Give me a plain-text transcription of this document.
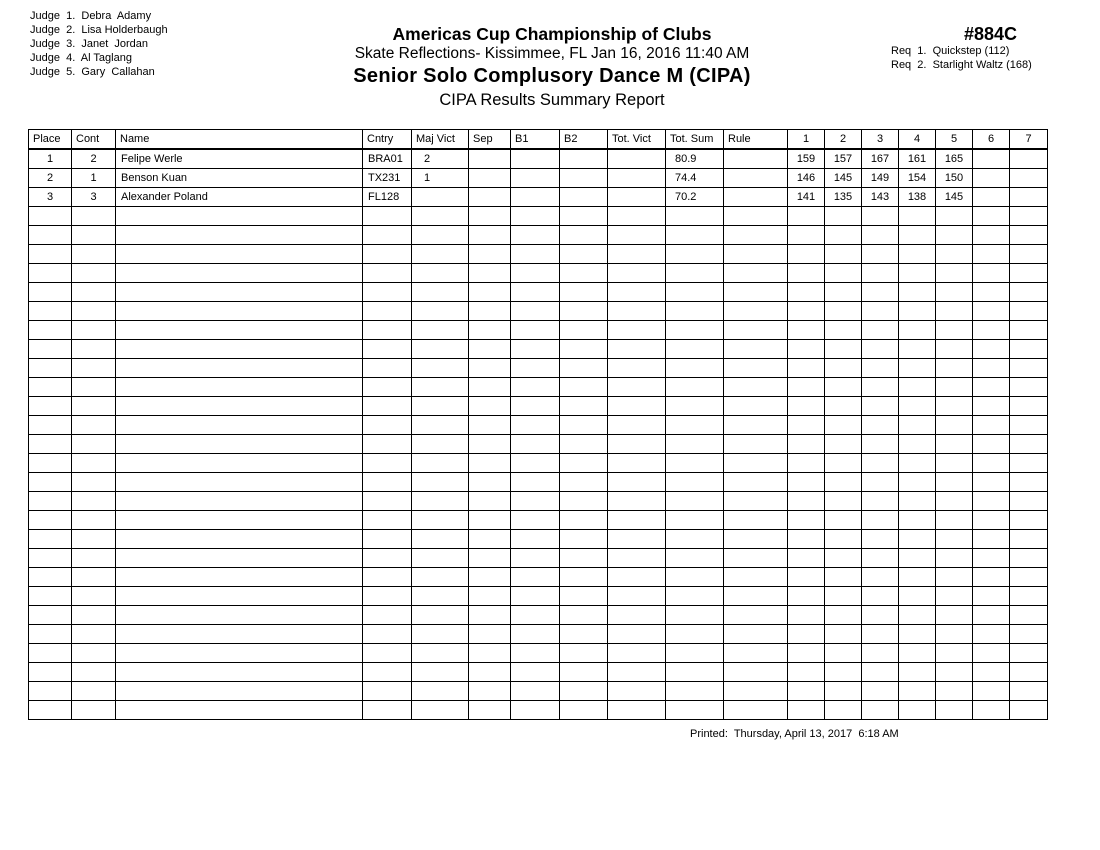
Judge  1.  Debra  Adamy
Judge  2.  Lisa Holderbaugh
Judge  3.  Janet  Jordan
Judge  4.  Al Taglang
Judge  5.  Gary  Callahan
Americas Cup Championship of Clubs
Skate Reflections- Kissimmee, FL Jan 16, 2016 11:40 AM
Senior Solo Complusory Dance M (CIPA)
CIPA Results Summary Report
#884C
Req  1.  Quickstep (112)
Req  2.  Starlight Waltz (168)
Place	Cont	Name	Cntry	Maj Vict	Sep	B1	B2	Tot. Vict	Tot. Sum	Rule	1	2	3	4	5	6	7
1	2	Felipe Werle	BRA01	2					80.9		159	157	167	161	165		
2	1	Benson Kuan	TX231	1					74.4		146	145	149	154	150		
3	3	Alexander Poland	FL128						70.2		141	135	143	138	145		

Printed:  Thursday, April 13, 2017  6:18 AM
